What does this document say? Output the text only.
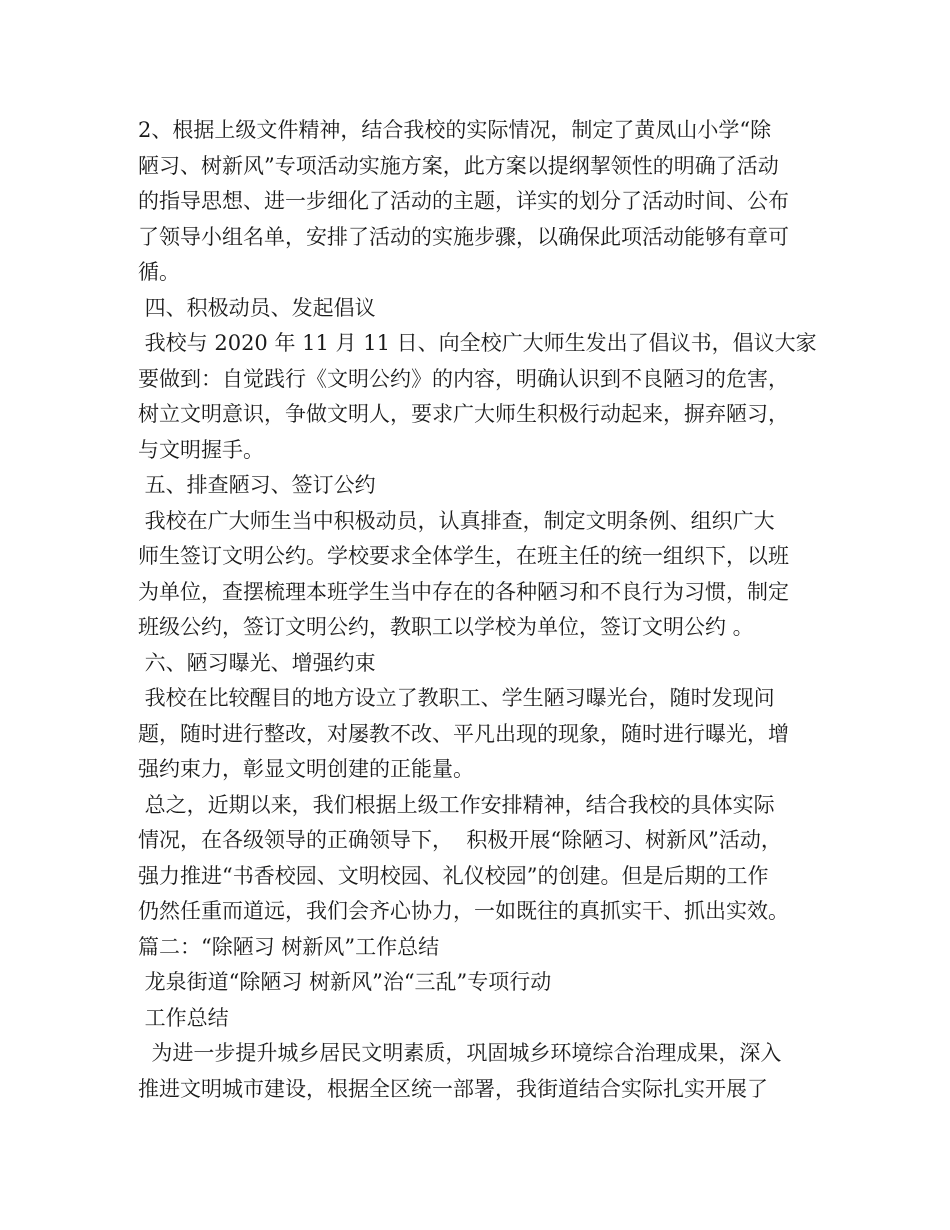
2、根据上级文件精神，结合我校的实际情况，制定了黄凤山小学“除
陋习、树新风”专项活动实施方案，此方案以提纲挈领性的明确了活动
的指导思想、进一步细化了活动的主题，详实的划分了活动时间、公布
了领导小组名单，安排了活动的实施步骤，以确保此项活动能够有章可
循。
四、积极动员、发起倡议
我校与 2020 年 11 月 11 日、向全校广大师生发出了倡议书，倡议大家
要做到：自觉践行《文明公约》的内容，明确认识到不良陋习的危害，
树立文明意识，争做文明人，要求广大师生积极行动起来，摒弃陋习，
与文明握手。
五、排查陋习、签订公约
我校在广大师生当中积极动员，认真排查，制定文明条例、组织广大
师生签订文明公约。学校要求全体学生，在班主任的统一组织下，以班
为单位，查摆梳理本班学生当中存在的各种陋习和不良行为习惯，制定
班级公约，签订文明公约，教职工以学校为单位，签订文明公约 。
六、陋习曝光、增强约束
我校在比较醒目的地方设立了教职工、学生陋习曝光台，随时发现问
题，随时进行整改，对屡教不改、平凡出现的现象，随时进行曝光，增
强约束力，彰显文明创建的正能量。
总之，近期以来，我们根据上级工作安排精神，结合我校的具体实际
情况，在各级领导的正确领导下，  积极开展“除陋习、树新风”活动，
强力推进“书香校园、文明校园、礼仪校园”的创建。但是后期的工作
仍然任重而道远，我们会齐心协力，一如既往的真抓实干、抓出实效。
篇二：“除陋习 树新风”工作总结
龙泉街道“除陋习 树新风”治“三乱”专项行动
工作总结
为进一步提升城乡居民文明素质，巩固城乡环境综合治理成果，深入
推进文明城市建设，根据全区统一部署，我街道结合实际扎实开展了
